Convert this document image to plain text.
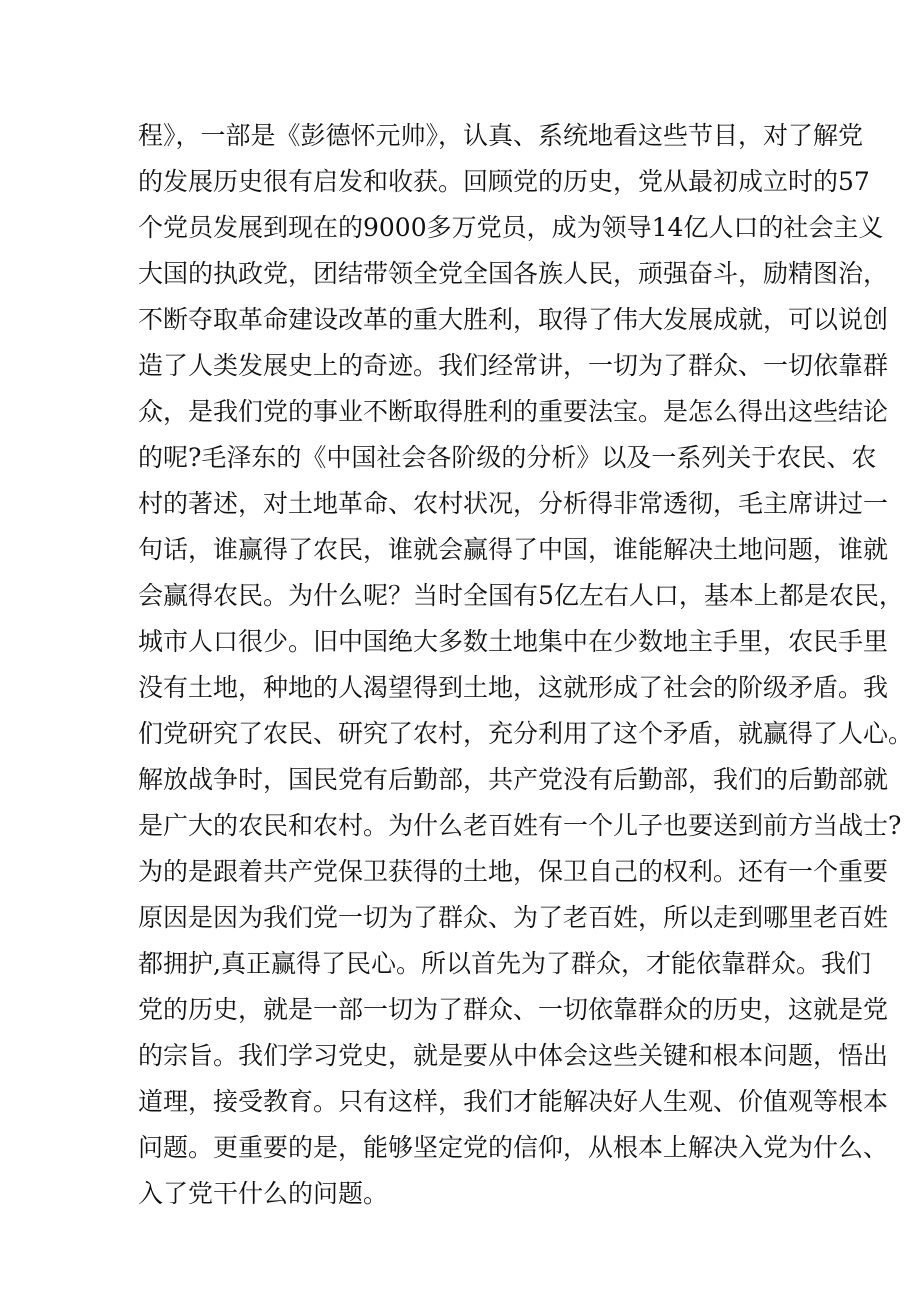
程》，一部是《彭德怀元帅》，认真、系统地看这些节目，对了解党
的发展历史很有启发和收获。回顾党的历史，党从最初成立时的57
个党员发展到现在的9000多万党员，成为领导14亿人口的社会主义
大国的执政党，团结带领全党全国各族人民，顽强奋斗，励精图治，
不断夺取革命建设改革的重大胜利，取得了伟大发展成就，可以说创
造了人类发展史上的奇迹。我们经常讲，一切为了群众、一切依靠群
众，是我们党的事业不断取得胜利的重要法宝。是怎么得出这些结论
的呢?毛泽东的《中国社会各阶级的分析》以及一系列关于农民、农
村的著述，对土地革命、农村状况，分析得非常透彻，毛主席讲过一
句话，谁赢得了农民，谁就会赢得了中国，谁能解决土地问题，谁就
会赢得农民。为什么呢？当时全国有5亿左右人口，基本上都是农民，
城市人口很少。旧中国绝大多数土地集中在少数地主手里，农民手里
没有土地，种地的人渴望得到土地，这就形成了社会的阶级矛盾。我
们党研究了农民、研究了农村，充分利用了这个矛盾，就赢得了人心。
解放战争时，国民党有后勤部，共产党没有后勤部，我们的后勤部就
是广大的农民和农村。为什么老百姓有一个儿子也要送到前方当战士?
为的是跟着共产党保卫获得的土地，保卫自己的权利。还有一个重要
原因是因为我们党一切为了群众、为了老百姓，所以走到哪里老百姓
都拥护,真正赢得了民心。所以首先为了群众，才能依靠群众。我们
党的历史，就是一部一切为了群众、一切依靠群众的历史，这就是党
的宗旨。我们学习党史，就是要从中体会这些关键和根本问题，悟出
道理，接受教育。只有这样，我们才能解决好人生观、价值观等根本
问题。更重要的是，能够坚定党的信仰，从根本上解决入党为什么、
入了党干什么的问题。
